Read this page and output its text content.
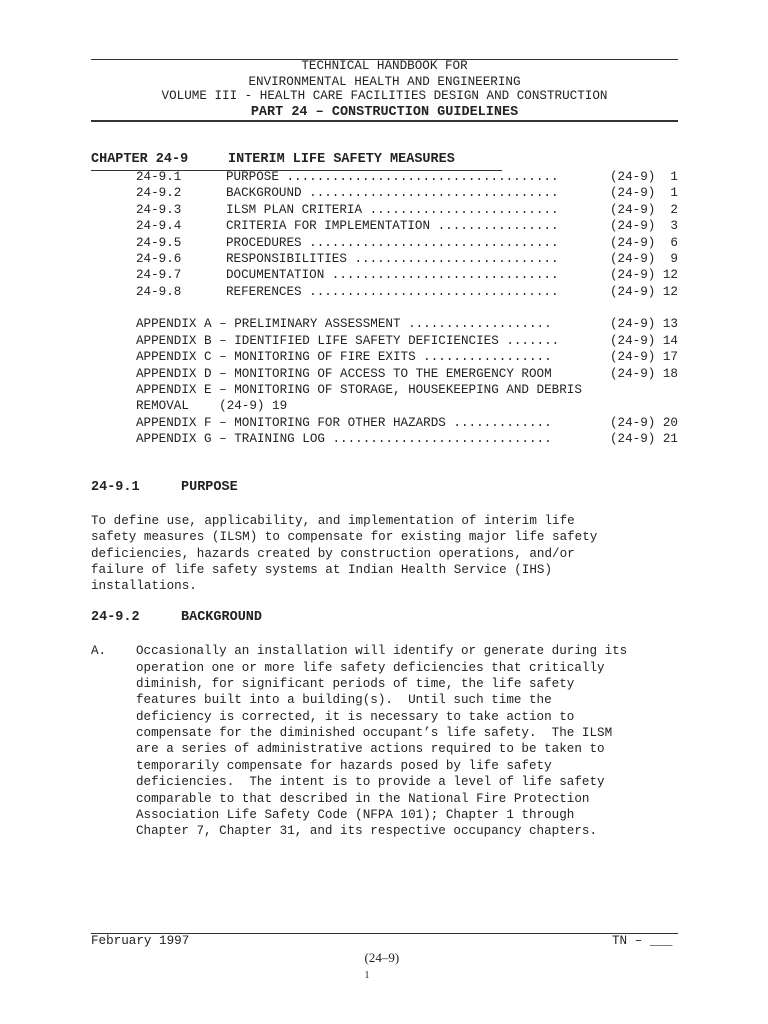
TECHNICAL HANDBOOK FOR
ENVIRONMENTAL HEALTH AND ENGINEERING
VOLUME III - HEALTH CARE FACILITIES DESIGN AND CONSTRUCTION
PART 24 – CONSTRUCTION GUIDELINES
CHAPTER 24-9	INTERIM LIFE SAFETY MEASURES
24-9.1	PURPOSE ....................................	(24-9)  1
24-9.2	BACKGROUND .................................	(24-9)  1
24-9.3	ILSM PLAN CRITERIA .........................	(24-9)  2
24-9.4	CRITERIA FOR IMPLEMENTATION ................	(24-9)  3
24-9.5	PROCEDURES .................................	(24-9)  6
24-9.6	RESPONSIBILITIES ...........................	(24-9)  9
24-9.7	DOCUMENTATION ..............................	(24-9) 12
24-9.8	REFERENCES .................................	(24-9) 12
APPENDIX A – PRELIMINARY ASSESSMENT ...................	(24-9) 13
APPENDIX B – IDENTIFIED LIFE SAFETY DEFICIENCIES .......	(24-9) 14
APPENDIX C – MONITORING OF FIRE EXITS .................	(24-9) 17
APPENDIX D – MONITORING OF ACCESS TO THE EMERGENCY ROOM	(24-9) 18
APPENDIX E – MONITORING OF STORAGE, HOUSEKEEPING AND DEBRIS
REMOVAL    (24-9) 19
APPENDIX F – MONITORING FOR OTHER HAZARDS .............	(24-9) 20
APPENDIX G – TRAINING LOG .............................	(24-9) 21
24-9.1	PURPOSE
To define use, applicability, and implementation of interim life
safety measures (ILSM) to compensate for existing major life safety
deficiencies, hazards created by construction operations, and/or
failure of life safety systems at Indian Health Service (IHS)
installations.
24-9.2	BACKGROUND
A. Occasionally an installation will identify or generate during its
operation one or more life safety deficiencies that critically
diminish, for significant periods of time, the life safety
features built into a building(s).  Until such time the
deficiency is corrected, it is necessary to take action to
compensate for the diminished occupant’s life safety.  The ILSM
are a series of administrative actions required to be taken to
temporarily compensate for hazards posed by life safety
deficiencies.  The intent is to provide a level of life safety
comparable to that described in the National Fire Protection
Association Life Safety Code (NFPA 101); Chapter 1 through
Chapter 7, Chapter 31, and its respective occupancy chapters.
February 1997

(24–9)
1

TN – ___
